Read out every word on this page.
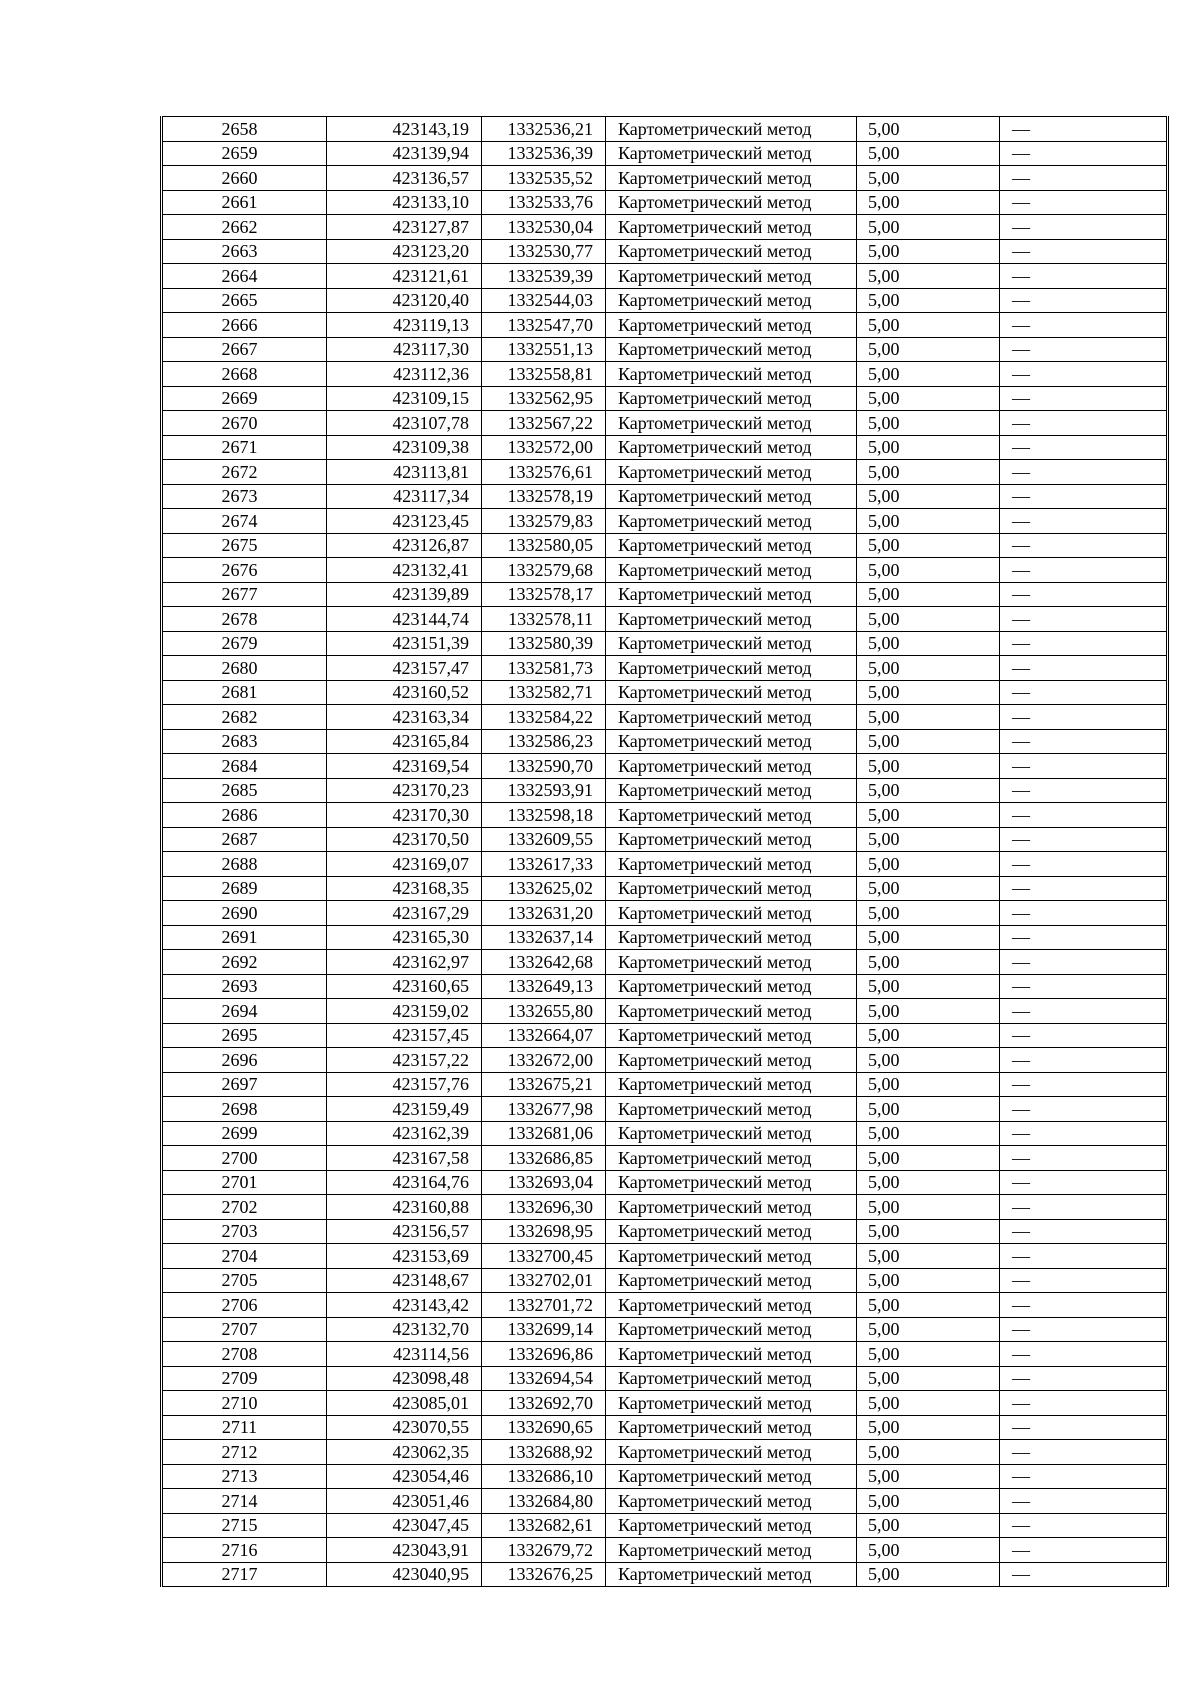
2658	423143,19	1332536,21	Картометрический метод	5,00	—
2659	423139,94	1332536,39	Картометрический метод	5,00	—
2660	423136,57	1332535,52	Картометрический метод	5,00	—
2661	423133,10	1332533,76	Картометрический метод	5,00	—
2662	423127,87	1332530,04	Картометрический метод	5,00	—
2663	423123,20	1332530,77	Картометрический метод	5,00	—
2664	423121,61	1332539,39	Картометрический метод	5,00	—
2665	423120,40	1332544,03	Картометрический метод	5,00	—
2666	423119,13	1332547,70	Картометрический метод	5,00	—
2667	423117,30	1332551,13	Картометрический метод	5,00	—
2668	423112,36	1332558,81	Картометрический метод	5,00	—
2669	423109,15	1332562,95	Картометрический метод	5,00	—
2670	423107,78	1332567,22	Картометрический метод	5,00	—
2671	423109,38	1332572,00	Картометрический метод	5,00	—
2672	423113,81	1332576,61	Картометрический метод	5,00	—
2673	423117,34	1332578,19	Картометрический метод	5,00	—
2674	423123,45	1332579,83	Картометрический метод	5,00	—
2675	423126,87	1332580,05	Картометрический метод	5,00	—
2676	423132,41	1332579,68	Картометрический метод	5,00	—
2677	423139,89	1332578,17	Картометрический метод	5,00	—
2678	423144,74	1332578,11	Картометрический метод	5,00	—
2679	423151,39	1332580,39	Картометрический метод	5,00	—
2680	423157,47	1332581,73	Картометрический метод	5,00	—
2681	423160,52	1332582,71	Картометрический метод	5,00	—
2682	423163,34	1332584,22	Картометрический метод	5,00	—
2683	423165,84	1332586,23	Картометрический метод	5,00	—
2684	423169,54	1332590,70	Картометрический метод	5,00	—
2685	423170,23	1332593,91	Картометрический метод	5,00	—
2686	423170,30	1332598,18	Картометрический метод	5,00	—
2687	423170,50	1332609,55	Картометрический метод	5,00	—
2688	423169,07	1332617,33	Картометрический метод	5,00	—
2689	423168,35	1332625,02	Картометрический метод	5,00	—
2690	423167,29	1332631,20	Картометрический метод	5,00	—
2691	423165,30	1332637,14	Картометрический метод	5,00	—
2692	423162,97	1332642,68	Картометрический метод	5,00	—
2693	423160,65	1332649,13	Картометрический метод	5,00	—
2694	423159,02	1332655,80	Картометрический метод	5,00	—
2695	423157,45	1332664,07	Картометрический метод	5,00	—
2696	423157,22	1332672,00	Картометрический метод	5,00	—
2697	423157,76	1332675,21	Картометрический метод	5,00	—
2698	423159,49	1332677,98	Картометрический метод	5,00	—
2699	423162,39	1332681,06	Картометрический метод	5,00	—
2700	423167,58	1332686,85	Картометрический метод	5,00	—
2701	423164,76	1332693,04	Картометрический метод	5,00	—
2702	423160,88	1332696,30	Картометрический метод	5,00	—
2703	423156,57	1332698,95	Картометрический метод	5,00	—
2704	423153,69	1332700,45	Картометрический метод	5,00	—
2705	423148,67	1332702,01	Картометрический метод	5,00	—
2706	423143,42	1332701,72	Картометрический метод	5,00	—
2707	423132,70	1332699,14	Картометрический метод	5,00	—
2708	423114,56	1332696,86	Картометрический метод	5,00	—
2709	423098,48	1332694,54	Картометрический метод	5,00	—
2710	423085,01	1332692,70	Картометрический метод	5,00	—
2711	423070,55	1332690,65	Картометрический метод	5,00	—
2712	423062,35	1332688,92	Картометрический метод	5,00	—
2713	423054,46	1332686,10	Картометрический метод	5,00	—
2714	423051,46	1332684,80	Картометрический метод	5,00	—
2715	423047,45	1332682,61	Картометрический метод	5,00	—
2716	423043,91	1332679,72	Картометрический метод	5,00	—
2717	423040,95	1332676,25	Картометрический метод	5,00	—
